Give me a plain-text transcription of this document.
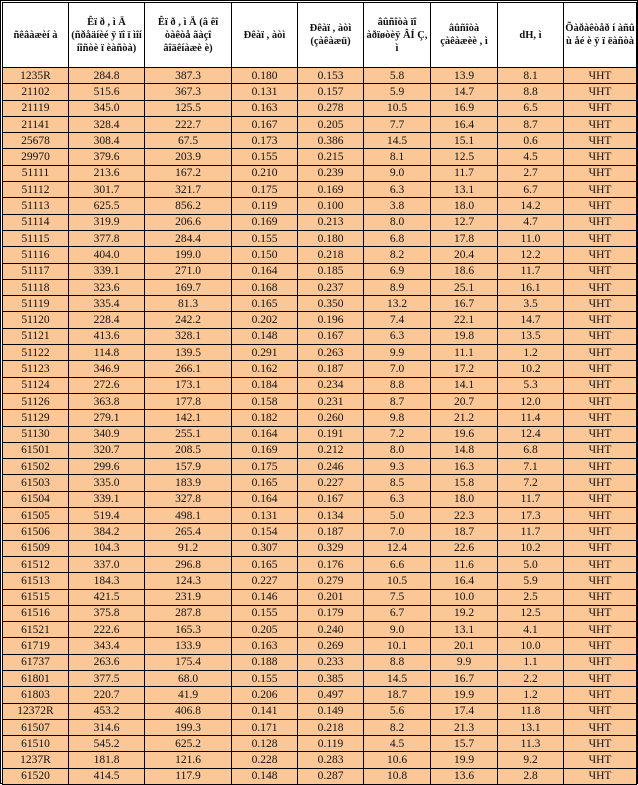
ñêâàæèí à	Êï ð , ì Ä (ñðåäíèé ÿ ïî ï ìîí íîñòè ï èàñòà)	Êï ð , ì Ä (â êî òàêòå ãàçî âîäêíàæè è)	Ðêàï , àòì	Ðêàï , àòì (çàêàæü)	âûñîòà ïî àðïøòèÿ ÂÍ Ç, ì	âûñîòà çàêàæèè , ì	dH, ì	Õàðàêòåð í àñû ù åé è ÿ ï ëàñòà
1235R	284.8	387.3	0.180	0.153	5.8	13.9	8.1	ЧНТ
21102	515.6	367.3	0.131	0.157	5.9	14.7	8.8	ЧНТ
21119	345.0	125.5	0.163	0.278	10.5	16.9	6.5	ЧНТ
21141	328.4	222.7	0.167	0.205	7.7	16.4	8.7	ЧНТ
25678	308.4	67.5	0.173	0.386	14.5	15.1	0.6	ЧНТ
29970	379.6	203.9	0.155	0.215	8.1	12.5	4.5	ЧНТ
51111	213.6	167.2	0.210	0.239	9.0	11.7	2.7	ЧНТ
51112	301.7	321.7	0.175	0.169	6.3	13.1	6.7	ЧНТ
51113	625.5	856.2	0.119	0.100	3.8	18.0	14.2	ЧНТ
51114	319.9	206.6	0.169	0.213	8.0	12.7	4.7	ЧНТ
51115	377.8	284.4	0.155	0.180	6.8	17.8	11.0	ЧНТ
51116	404.0	199.0	0.150	0.218	8.2	20.4	12.2	ЧНТ
51117	339.1	271.0	0.164	0.185	6.9	18.6	11.7	ЧНТ
51118	323.6	169.7	0.168	0.237	8.9	25.1	16.1	ЧНТ
51119	335.4	81.3	0.165	0.350	13.2	16.7	3.5	ЧНТ
51120	228.4	242.2	0.202	0.196	7.4	22.1	14.7	ЧНТ
51121	413.6	328.1	0.148	0.167	6.3	19.8	13.5	ЧНТ
51122	114.8	139.5	0.291	0.263	9.9	11.1	1.2	ЧНТ
51123	346.9	266.1	0.162	0.187	7.0	17.2	10.2	ЧНТ
51124	272.6	173.1	0.184	0.234	8.8	14.1	5.3	ЧНТ
51126	363.8	177.8	0.158	0.231	8.7	20.7	12.0	ЧНТ
51129	279.1	142.1	0.182	0.260	9.8	21.2	11.4	ЧНТ
51130	340.9	255.1	0.164	0.191	7.2	19.6	12.4	ЧНТ
61501	320.7	208.5	0.169	0.212	8.0	14.8	6.8	ЧНТ
61502	299.6	157.9	0.175	0.246	9.3	16.3	7.1	ЧНТ
61503	335.0	183.9	0.165	0.227	8.5	15.8	7.2	ЧНТ
61504	339.1	327.8	0.164	0.167	6.3	18.0	11.7	ЧНТ
61505	519.4	498.1	0.131	0.134	5.0	22.3	17.3	ЧНТ
61506	384.2	265.4	0.154	0.187	7.0	18.7	11.7	ЧНТ
61509	104.3	91.2	0.307	0.329	12.4	22.6	10.2	ЧНТ
61512	337.0	296.8	0.165	0.176	6.6	11.6	5.0	ЧНТ
61513	184.3	124.3	0.227	0.279	10.5	16.4	5.9	ЧНТ
61515	421.5	231.9	0.146	0.201	7.5	10.0	2.5	ЧНТ
61516	375.8	287.8	0.155	0.179	6.7	19.2	12.5	ЧНТ
61521	222.6	165.3	0.205	0.240	9.0	13.1	4.1	ЧНТ
61719	343.4	133.9	0.163	0.269	10.1	20.1	10.0	ЧНТ
61737	263.6	175.4	0.188	0.233	8.8	9.9	1.1	ЧНТ
61801	377.5	68.0	0.155	0.385	14.5	16.7	2.2	ЧНТ
61803	220.7	41.9	0.206	0.497	18.7	19.9	1.2	ЧНТ
12372R	453.2	406.8	0.141	0.149	5.6	17.4	11.8	ЧНТ
61507	314.6	199.3	0.171	0.218	8.2	21.3	13.1	ЧНТ
61510	545.2	625.2	0.128	0.119	4.5	15.7	11.3	ЧНТ
1237R	181.8	121.6	0.228	0.283	10.6	19.9	9.2	ЧНТ
61520	414.5	117.9	0.148	0.287	10.8	13.6	2.8	ЧНТ
